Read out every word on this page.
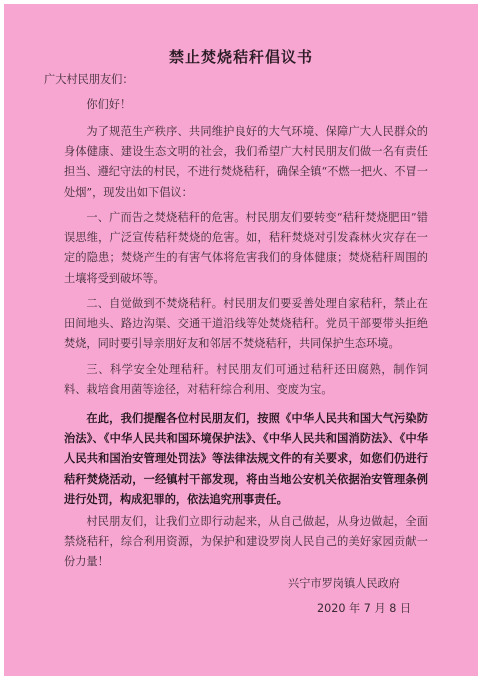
禁止焚烧秸秆倡议书
广大村民朋友们：
你们好！
为了规范生产秩序、共同维护良好的大气环境、保障广大人民群众的身体健康、建设生态文明的社会，我们希望广大村民朋友们做一名有责任担当、遵纪守法的村民，不进行焚烧秸秆，确保全镇“不燃一把火、不冒一处烟”，现发出如下倡议：
一、广而告之焚烧秸秆的危害。村民朋友们要转变“秸秆焚烧肥田”错误思维，广泛宣传秸秆焚烧的危害。如，秸秆焚烧对引发森林火灾存在一定的隐患；焚烧产生的有害气体将危害我们的身体健康；焚烧秸秆周围的土壤将受到破坏等。
二、自觉做到不焚烧秸秆。村民朋友们要妥善处理自家秸秆，禁止在田间地头、路边沟渠、交通干道沿线等处焚烧秸秆。党员干部要带头拒绝焚烧，同时要引导亲朋好友和邻居不焚烧秸秆，共同保护生态环境。
三、科学安全处理秸秆。村民朋友们可通过秸秆还田腐熟，制作饲料、栽培食用菌等途径，对秸秆综合利用、变废为宝。
在此，我们提醒各位村民朋友们，按照《中华人民共和国大气污染防治法》、《中华人民共和国环境保护法》、《中华人民共和国消防法》、《中华人民共和国治安管理处罚法》等法律法规文件的有关要求，如您们仍进行秸秆焚烧活动，一经镇村干部发现，将由当地公安机关依据治安管理条例进行处罚，构成犯罪的，依法追究刑事责任。
村民朋友们，让我们立即行动起来，从自己做起，从身边做起，全面禁烧秸秆，综合利用资源，为保护和建设罗岗人民自己的美好家园贡献一份力量！
兴宁市罗岗镇人民政府
2020 年 7 月 8 日
